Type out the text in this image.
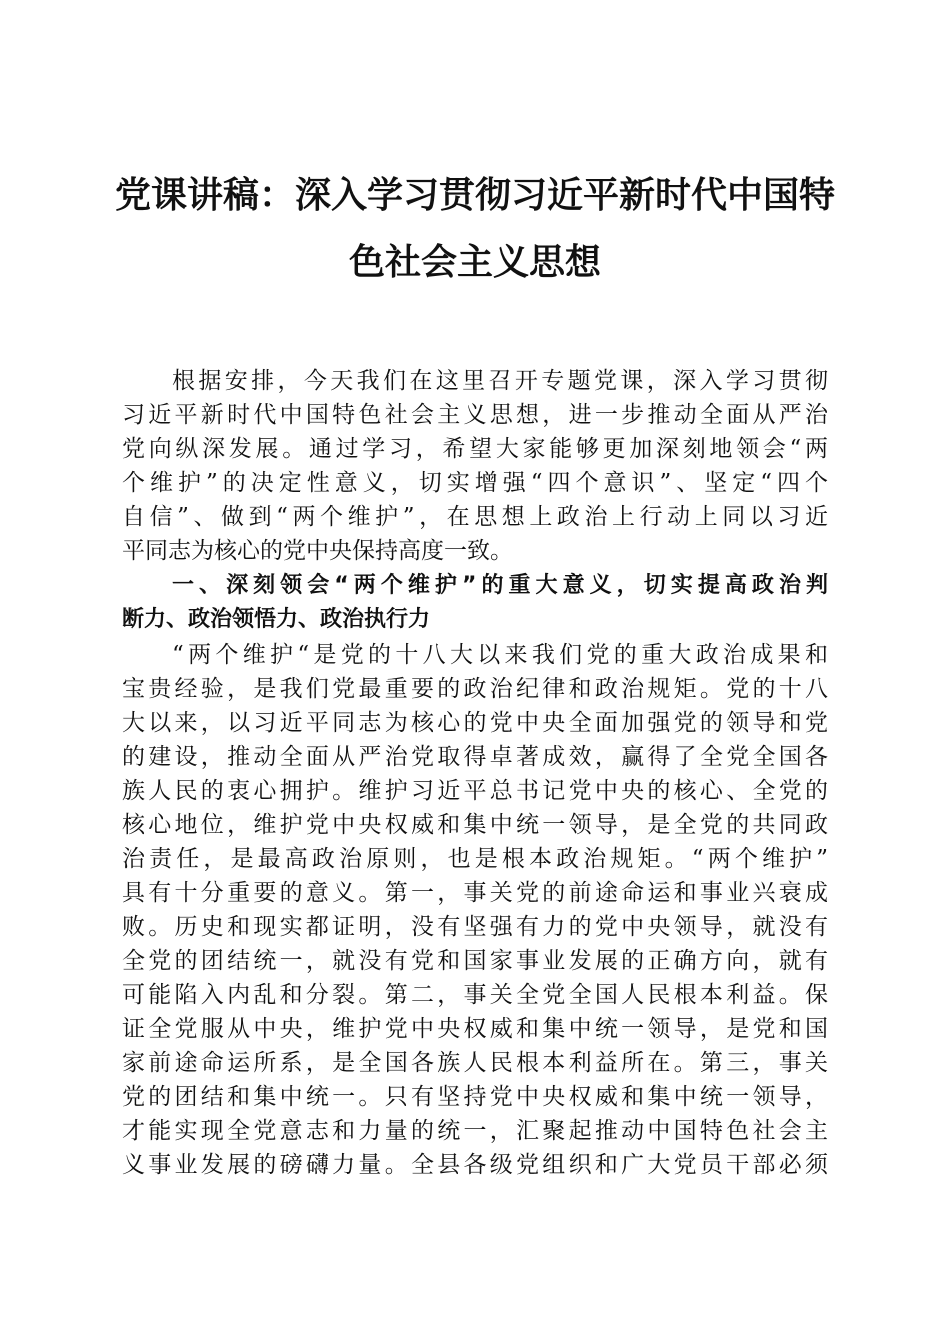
党课讲稿：深入学习贯彻习近平新时代中国特
色社会主义思想
根据安排，今天我们在这里召开专题党课，深入学习贯彻
习近平新时代中国特色社会主义思想，进一步推动全面从严治
党向纵深发展。通过学习，希望大家能够更加深刻地领会“两
个维护”的决定性意义，切实增强“四个意识”、坚定“四个
自信”、做到“两个维护”，在思想上政治上行动上同以习近
平同志为核心的党中央保持高度一致。
一、深刻领会“两个维护”的重大意义，切实提高政治判
断力、政治领悟力、政治执行力
“两个维护“是党的十八大以来我们党的重大政治成果和
宝贵经验，是我们党最重要的政治纪律和政治规矩。党的十八
大以来，以习近平同志为核心的党中央全面加强党的领导和党
的建设，推动全面从严治党取得卓著成效，赢得了全党全国各
族人民的衷心拥护。维护习近平总书记党中央的核心、全党的
核心地位，维护党中央权威和集中统一领导，是全党的共同政
治责任，是最高政治原则，也是根本政治规矩。“两个维护”
具有十分重要的意义。第一，事关党的前途命运和事业兴衰成
败。历史和现实都证明，没有坚强有力的党中央领导，就没有
全党的团结统一，就没有党和国家事业发展的正确方向，就有
可能陷入内乱和分裂。第二，事关全党全国人民根本利益。保
证全党服从中央，维护党中央权威和集中统一领导，是党和国
家前途命运所系，是全国各族人民根本利益所在。第三，事关
党的团结和集中统一。只有坚持党中央权威和集中统一领导，
才能实现全党意志和力量的统一，汇聚起推动中国特色社会主
义事业发展的磅礴力量。全县各级党组织和广大党员干部必须
